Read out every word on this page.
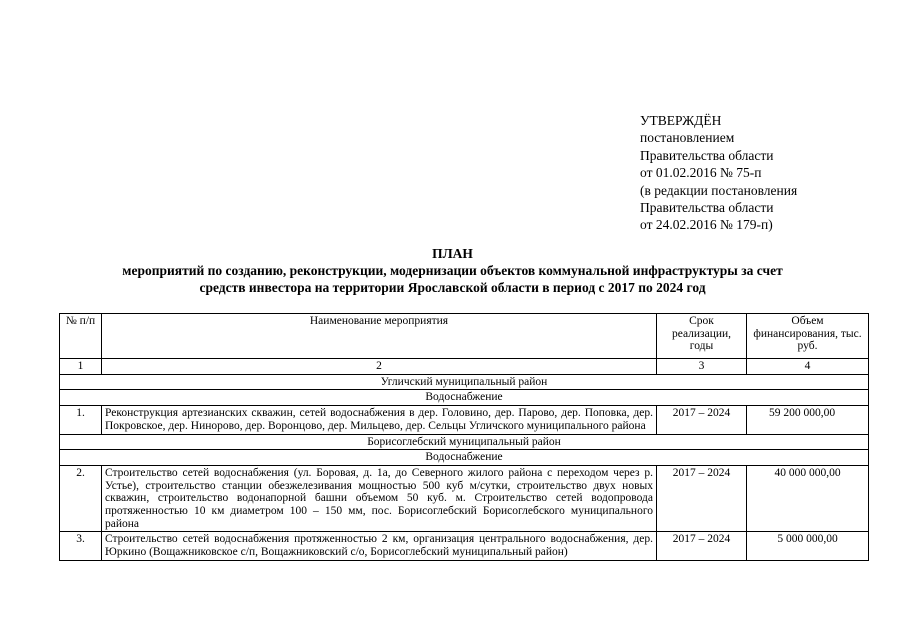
УТВЕРЖДЁН
постановлением
Правительства области
от 01.02.2016 № 75-п
(в редакции постановления
Правительства области
от 24.02.2016 № 179-п)
ПЛАН
мероприятий по созданию, реконструкции, модернизации объектов коммунальной инфраструктуры за счет
средств инвестора на территории Ярославской области в период с 2017 по 2024 год
№ п/п	Наименование мероприятия	Срок реализации, годы	Объем финансирования, тыс. руб.
1	2	3	4
Угличский муниципальный район			
Водоснабжение			
1.	Реконструкция артезианских скважин, сетей водоснабжения в дер. Головино, дер. Парово, дер. Поповка, дер. Покровское, дер. Нинорово, дер. Воронцово, дер. Мильцево, дер. Сельцы Угличского муниципального района	2017 – 2024	59 200 000,00
Борисоглебский муниципальный район			
Водоснабжение			
2.	Строительство сетей водоснабжения (ул. Боровая, д. 1а, до Северного жилого района с переходом через р. Устье), строительство станции обезжелезивания мощностью 500 куб м/сутки, строительство двух новых скважин, строительство водонапорной башни объемом 50 куб. м. Строительство сетей водопровода протяженностью 10 км диаметром 100 – 150 мм, пос. Борисоглебский Борисоглебского муниципального района	2017 – 2024	40 000 000,00
3.	Строительство сетей водоснабжения протяженностью 2 км, организация центрального водоснабжения, дер. Юркино (Вощажниковское с/п, Вощажниковский с/о, Борисоглебский муниципальный район)	2017 – 2024	5 000 000,00
